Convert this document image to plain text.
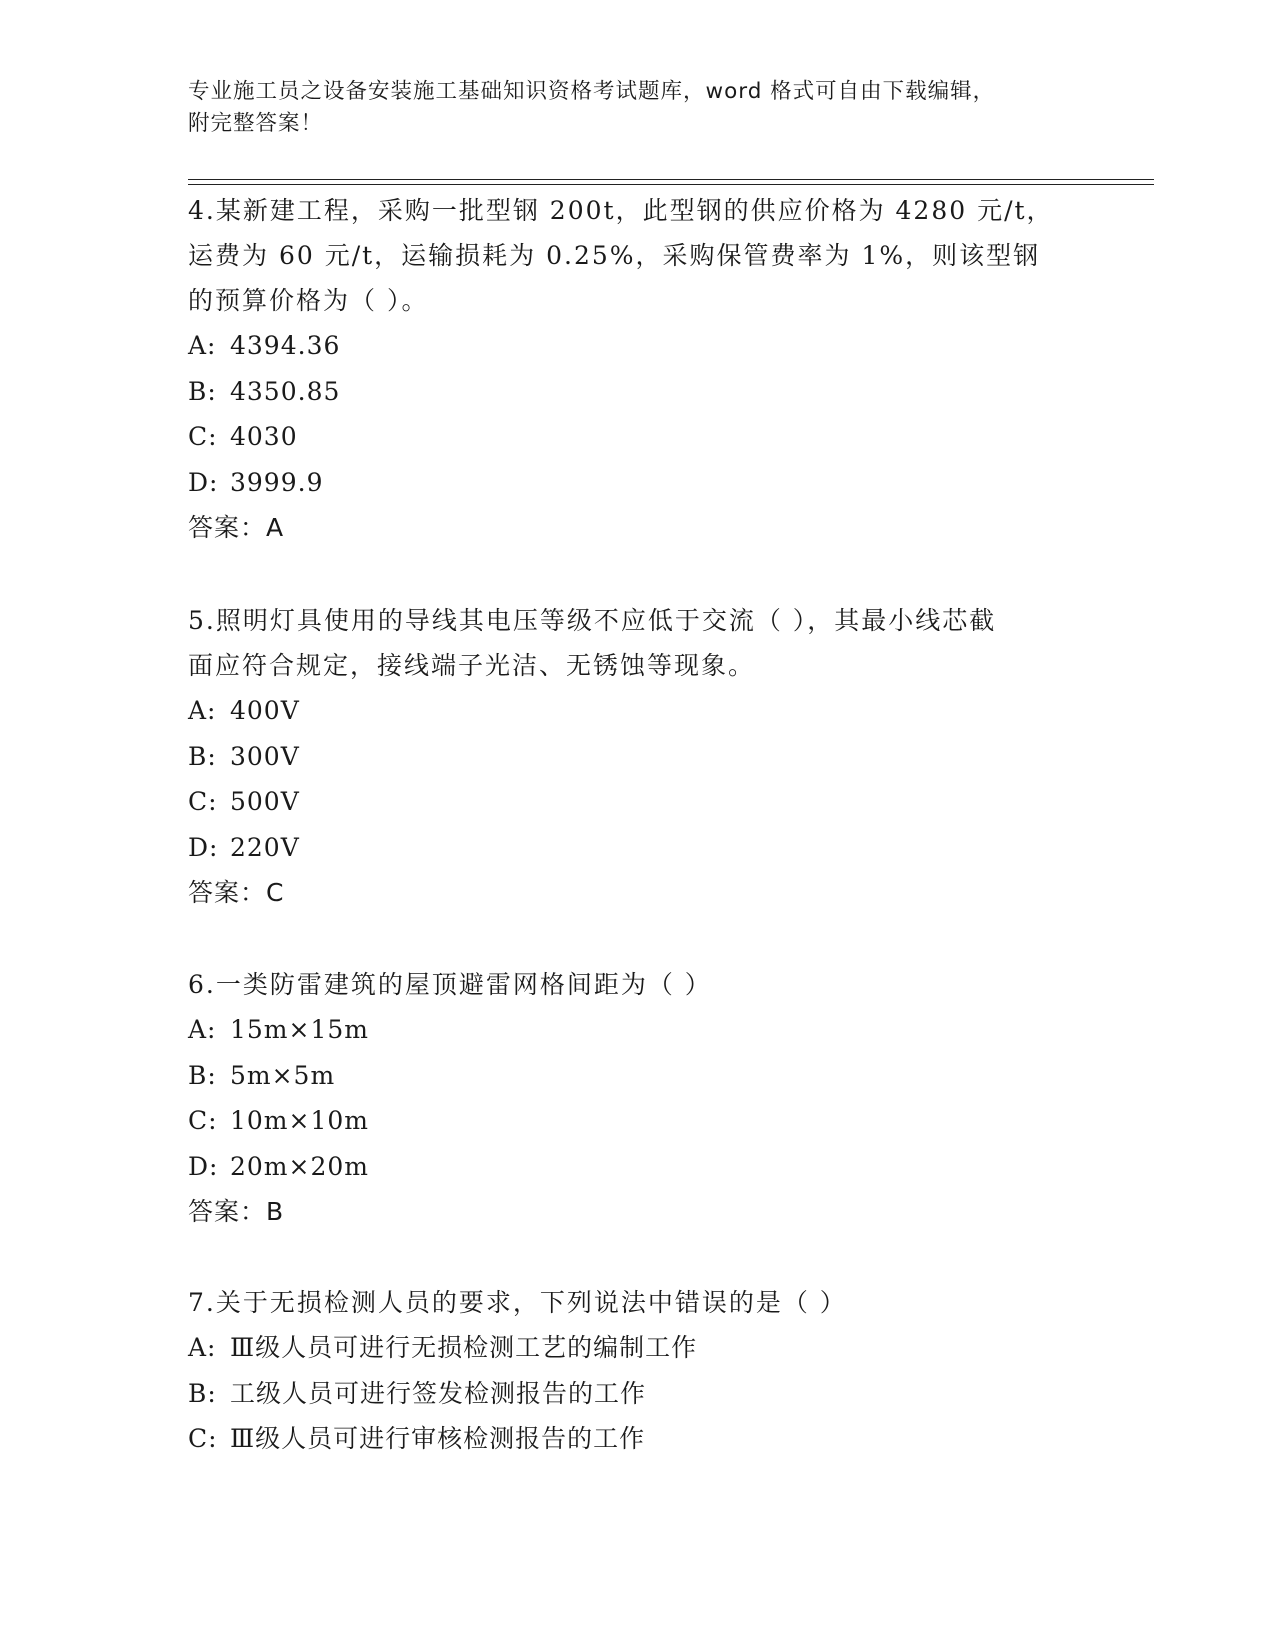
专业施工员之设备安装施工基础知识资格考试题库，word 格式可自由下载编辑，
附完整答案！

4.某新建工程，采购一批型钢 200t，此型钢的供应价格为 4280 元/t，

运费为 60 元/t，运输损耗为 0.25%，采购保管费率为 1%，则该型钢

的预算价格为（ ）。

A: 4394.36

B: 4350.85

C: 4030

D: 3999.9

答案：A

5.照明灯具使用的导线其电压等级不应低于交流（ ），其最小线芯截

面应符合规定，接线端子光洁、无锈蚀等现象。

A: 400V

B: 300V

C: 500V

D: 220V

答案：C

6.一类防雷建筑的屋顶避雷网格间距为（ ）

A: 15m×15m

B: 5m×5m

C: 10m×10m

D: 20m×20m

答案：B

7.关于无损检测人员的要求，下列说法中错误的是（ ）

A: Ⅲ级人员可进行无损检测工艺的编制工作

B: 工级人员可进行签发检测报告的工作

C: Ⅲ级人员可进行审核检测报告的工作
